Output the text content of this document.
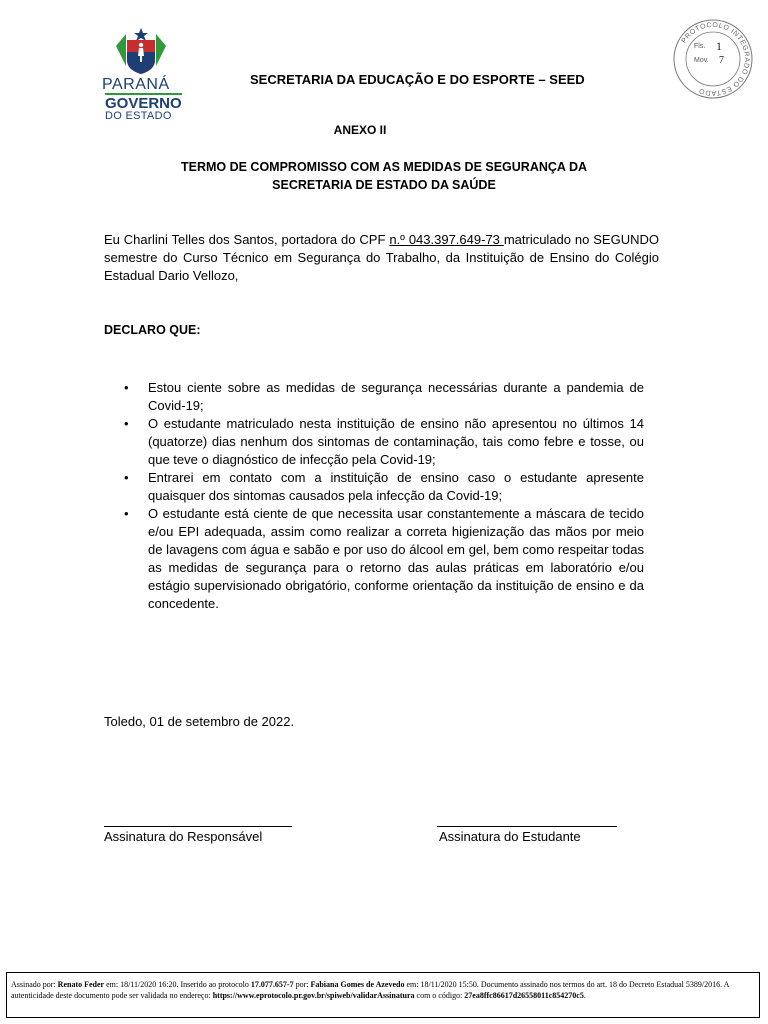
PARANÁ
GOVERNO
DO ESTADO
SECRETARIA DA EDUCAÇÃO E DO ESPORTE – SEED
PROTOCOLO INTEGRADO DO ESTADO
Fls. 1
Mov. 7
ANEXO II
TERMO DE COMPROMISSO COM AS MEDIDAS DE SEGURANÇA DA
SECRETARIA DE ESTADO DA SAÚDE
Eu Charlini Telles dos Santos, portadora do CPF n.º 043.397.649-73 matriculado no SEGUNDO semestre do Curso Técnico em Segurança do Trabalho, da Instituição de Ensino do Colégio Estadual Dario Vellozo,
DECLARO QUE:
• Estou ciente sobre as medidas de segurança necessárias durante a pandemia de Covid-19;
• O estudante matriculado nesta instituição de ensino não apresentou no últimos 14 (quatorze) dias nenhum dos sintomas de contaminação, tais como febre e tosse, ou que teve o diagnóstico de infecção pela Covid-19;
• Entrarei em contato com a instituição de ensino caso o estudante apresente quaisquer dos sintomas causados pela infecção da Covid-19;
• O estudante está ciente de que necessita usar constantemente a máscara de tecido e/ou EPI adequada, assim como realizar a correta higienização das mãos por meio de lavagens com água e sabão e por uso do álcool em gel, bem como respeitar todas as medidas de segurança para o retorno das aulas práticas em laboratório e/ou estágio supervisionado obrigatório, conforme orientação da instituição de ensino e da concedente.
Toledo, 01 de setembro de 2022.
Assinatura do Responsável	Assinatura do Estudante
Assinado por: Renato Feder em: 18/11/2020 16:20. Inserido ao protocolo 17.077.657-7 por: Fabiana Gomes de Azevedo em: 18/11/2020 15:50. Documento assinado nos termos do art. 18 do Decreto Estadual 5389/2016. A autenticidade deste documento pode ser validada no endereço: https://www.eprotocolo.pr.gov.br/spiweb/validarAssinatura com o código: 27ea8ffc86617d26558011c854270c5.
